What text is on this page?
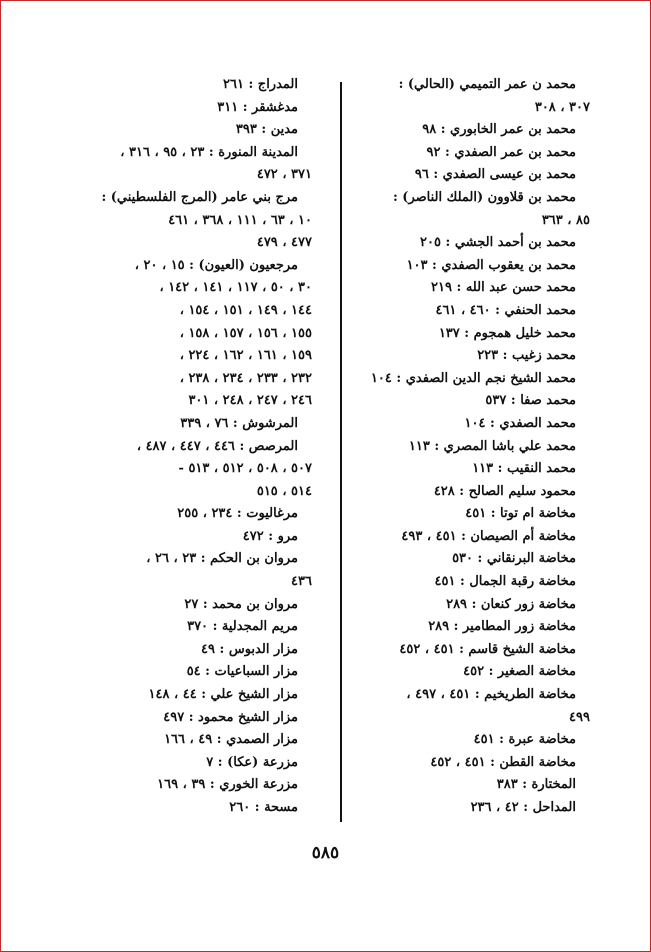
محمد ن عمر التميمي (الحالي) :
٣٠٧ ، ٣٠٨
محمد بن عمر الخابوري : ٩٨
محمد بن عمر الصفدي : ٩٢
محمد بن عيسى الصفدي : ٩٦
محمد بن قلاوون (الملك الناصر) :
٨٥ ، ٣٦٣
محمد بن أحمد الجشي : ٢٠٥
محمد بن يعقوب الصفدي : ١٠٣
محمد حسن عبد الله : ٢١٩
محمد الحنفي : ٤٦٠ ، ٤٦١
محمد خليل همجوم : ١٣٧
محمد زغيب : ٢٢٣
محمد الشيخ نجم الدين الصفدي : ١٠٤
محمد صفا : ٥٣٧
محمد الصفدي : ١٠٤
محمد علي باشا المصري : ١١٣
محمد النقيب : ١١٣
محمود سليم الصالح : ٤٢٨
مخاضة ام توتا : ٤٥١
مخاضة أم الصيصان : ٤٥١ ، ٤٩٣
مخاضة البرنقاني : ٥٣٠
مخاضة رقبة الجمال : ٤٥١
مخاضة زور كنعان : ٢٨٩
مخاضة زور المطامير : ٢٨٩
مخاضة الشيخ قاسم : ٤٥١ ، ٤٥٢
مخاضة الصغير : ٤٥٢
مخاضة الطريخيم : ٤٥١ ، ٤٩٧ ،
٤٩٩
مخاضة عبرة : ٤٥١
مخاضة القطن : ٤٥١ ، ٤٥٢
المختارة : ٣٨٣
المداحل : ٤٢ ، ٢٣٦
المدراج : ٢٦١
مدغشقر : ٣١١
مدين : ٣٩٣
المدينة المنورة : ٢٣ ، ٩٥ ، ٣١٦ ،
٣٧١ ، ٤٧٢
مرج بني عامر (المرج الفلسطيني) :
١٠ ، ٦٣ ، ١١١ ، ٣٦٨ ، ٤٦١
٤٧٧ ، ٤٧٩
مرجعيون (العيون) : ١٥ ، ٢٠ ،
٣٠ ، ٥٠ ، ١١٧ ، ١٤١ ، ١٤٢ ،
١٤٤ ، ١٤٩ ، ١٥١ ، ١٥٤ ،
١٥٥ ، ١٥٦ ، ١٥٧ ، ١٥٨ ،
١٥٩ ، ١٦١ ، ١٦٢ ، ٢٢٤ ،
٢٣٢ ، ٢٣٣ ، ٢٣٤ ، ٢٣٨ ،
٢٤٦ ، ٢٤٧ ، ٢٤٨ ، ٣٠١
المرشوش : ٧٦ ، ٣٣٩
المرصص : ٤٤٦ ، ٤٤٧ ، ٤٨٧ ،
٥٠٧ ، ٥٠٨ ، ٥١٢ ، ٥١٣ -
٥١٤ ، ٥١٥
مرغاليوت : ٢٣٤ ، ٢٥٥
مرو : ٤٧٢
مروان بن الحكم : ٢٣ ، ٢٦ ،
٤٣٦
مروان بن محمد : ٢٧
مريم المجدلية : ٣٧٠
مزار الدبوس : ٤٩
مزار السباعيات : ٥٤
مزار الشيخ علي : ٤٤ ، ١٤٨
مزار الشيخ محمود : ٤٩٧
مزار الصمدي : ٤٩ ، ١٦٦
مزرعة (عكا) : ٧
مزرعة الخوري : ٣٩ ، ١٦٩
مسحة : ٢٦٠
٥٨٥
